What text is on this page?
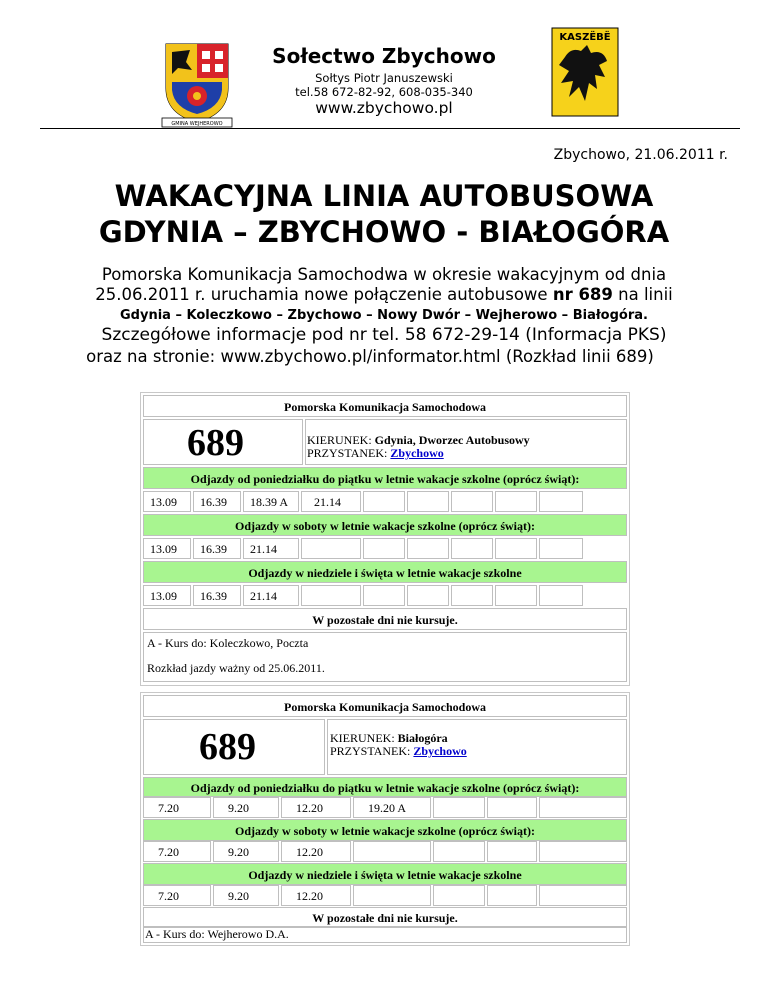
GMINA WEJHEROWO
KASZËBË
Sołectwo Zbychowo
Sołtys Piotr Januszewski
tel.58 672-82-92, 608-035-340
www.zbychowo.pl
Zbychowo, 21.06.2011 r.
WAKACYJNA LINIA AUTOBUSOWA
GDYNIA – ZBYCHOWO - BIAŁOGÓRA
Pomorska Komunikacja Samochodwa w okresie wakacyjnym od dnia
25.06.2011 r. uruchamia nowe połączenie autobusowe nr 689 na linii
Gdynia – Koleczkowo – Zbychowo – Nowy Dwór – Wejherowo – Białogóra.
Szczegółowe informacje pod nr tel. 58 672-29-14 (Informacja PKS)
oraz na stronie: www.zbychowo.pl/informator.html (Rozkład linii 689)
Pomorska Komunikacja Samochodowa
689	KIERUNEK: Gdynia, Dworzec Autobusowy
PRZYSTANEK: Zbychowo
Odjazdy od poniedziałku do piątku w letnie wakacje szkolne (oprócz świąt):
13.09	16.39	18.39 A	21.14
Odjazdy w soboty w letnie wakacje szkolne (oprócz świąt):
13.09	16.39	21.14
Odjazdy w niedziele i święta w letnie wakacje szkolne
13.09	16.39	21.14
W pozostałe dni nie kursuje.
A - Kurs do: Koleczkowo, Poczta
Rozkład jazdy ważny od 25.06.2011.
Pomorska Komunikacja Samochodowa
689	KIERUNEK: Białogóra
PRZYSTANEK: Zbychowo
Odjazdy od poniedziałku do piątku w letnie wakacje szkolne (oprócz świąt):
7.20	9.20	12.20	19.20 A
Odjazdy w soboty w letnie wakacje szkolne (oprócz świąt):
7.20	9.20	12.20
Odjazdy w niedziele i święta w letnie wakacje szkolne
7.20	9.20	12.20
W pozostałe dni nie kursuje.
A - Kurs do: Wejherowo D.A.
